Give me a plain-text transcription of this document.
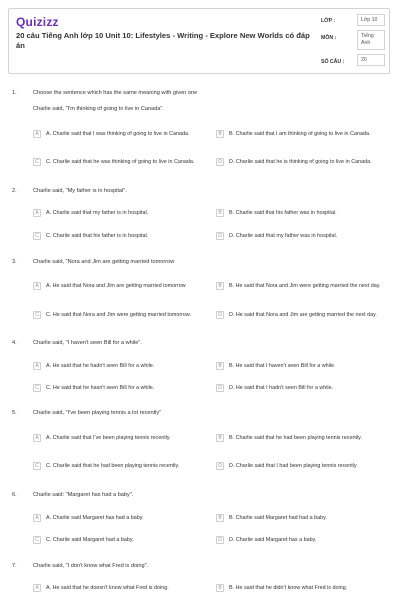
Quizizz
20 câu Tiếng Anh lớp 10 Unit 10: Lifestyles - Writing - Explore New Worlds có đáp án
LỚP :	Lớp 10
MÔN :	Tiếng Anh
SỐ CÂU :	20
1.	Choose the sentence which has the same meaning with given one
Charlie said, "I'm thinking of going to live in Canada".
A	A. Charlie said that I was thinking of going to live in Canada.	B	B. Charlie said that I am thinking of going to live in Canada.
C	C. Charlie said that he was thinking of going to live in Canada.	D	D. Charlie said that he is thinking of going to live in Canada.
2.	Charlie said, "My father is in hospital".
A	A. Charlie said that my father is in hospital.	B	B. Charlie said that his father was in hospital.
C	C. Charlie said that his father is in hospital.	D	D. Charlie said that my father was in hospital.
3.	Charlie said, "Nora and Jim are getting married tomorrow
A	A. He said that Nora and Jim are getting married tomorrow	B	B. He said that Nora and Jim were getting married the next day.
C	C. He said that Nora and Jim were getting married tomorrow.	D	D. He said that Nora and Jim are getting married the next day.
4.	Charlie said, "I haven't seen Bill for a while".
A	A. He said that he hadn't seen Bill for a while.	B	B. He said that I haven't seen Bill for a while.
C	C. He said that he hasn't seen Bill for a while.	D	D. He said that I hadn't seen Bill for a while.
5.	Charlie said, "I've been playing tennis a lot recently"
A	A. Charlie said that I've been playing tennis recently.	B	B. Charlie said that he had been playing tennis recently.
C	C. Charlie said that he had been playing tennis recently.	D	D. Charlie said that I had been playing tennis recently
6.	Charlie said: "Margaret has had a baby".
A	A. Charlie said Margaret has had a baby.	B	B. Charlie said Margaret had had a baby.
C	C. Charlie said Margaret had a baby.	D	D. Charlie said Margaret has a baby.
7.	Charlie said, "I don't know what Fred is doing".
A	A. He said that he doesn't know what Fred is doing.	B	B. He said that he didn't know what Fred is doing.
